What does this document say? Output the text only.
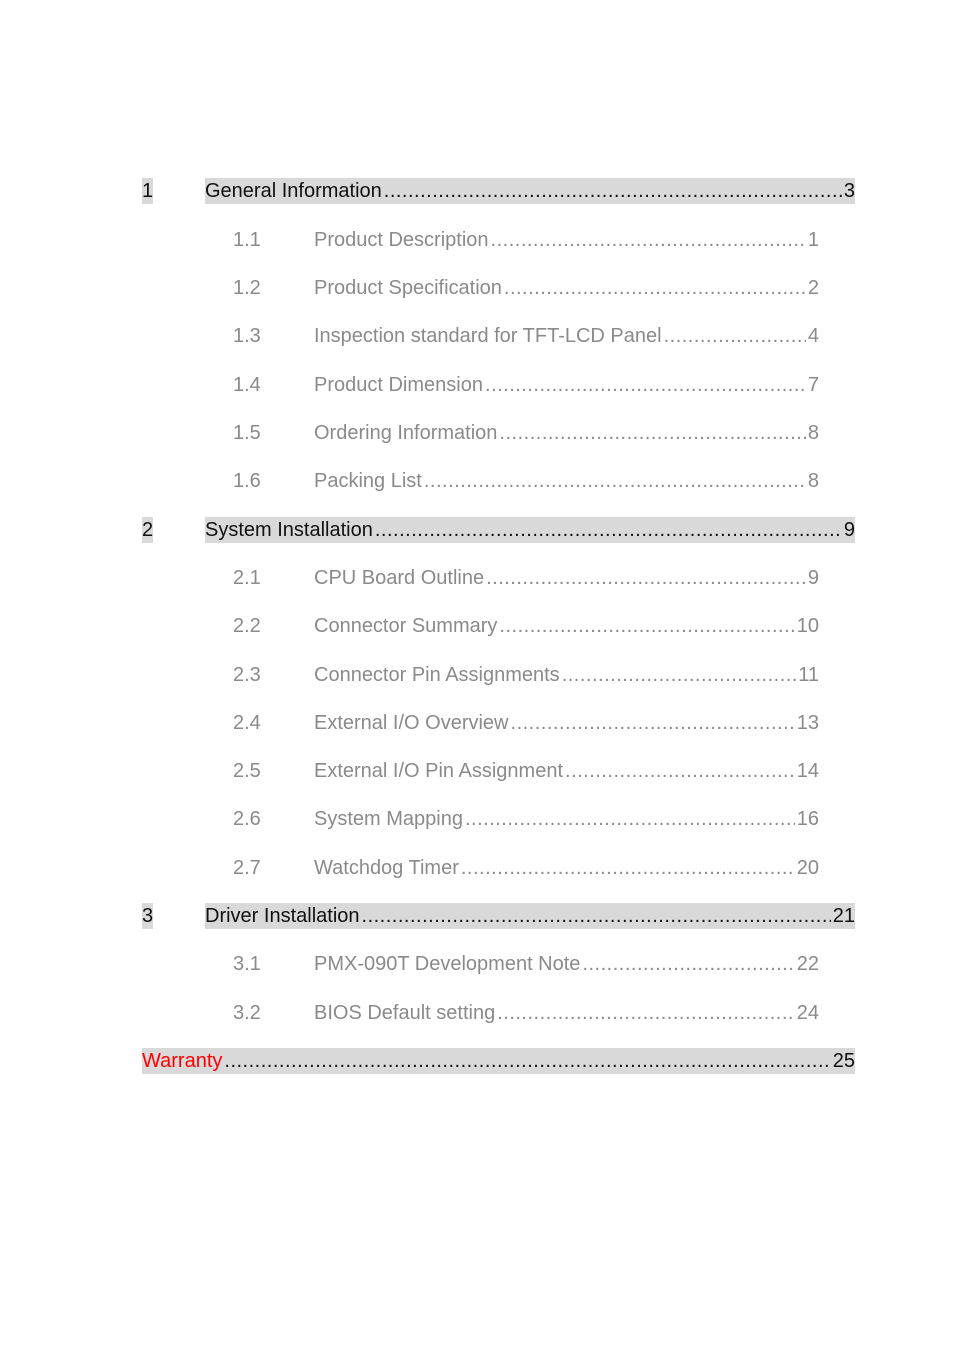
1	General Information .....	3
1.1	Product Description .....	1
1.2	Product Specification .....	2
1.3	Inspection standard for TFT-LCD Panel .....	4
1.4	Product Dimension .....	7
1.5	Ordering Information .....	8
1.6	Packing List .....	8
2	System Installation .....	9
2.1	CPU Board Outline .....	9
2.2	Connector Summary .....	10
2.3	Connector Pin Assignments .....	11
2.4	External I/O Overview .....	13
2.5	External I/O Pin Assignment .....	14
2.6	System Mapping .....	16
2.7	Watchdog Timer .....	20
3	Driver Installation .....	21
3.1	PMX-090T Development Note .....	22
3.2	BIOS Default setting .....	24
Warranty .....	25
